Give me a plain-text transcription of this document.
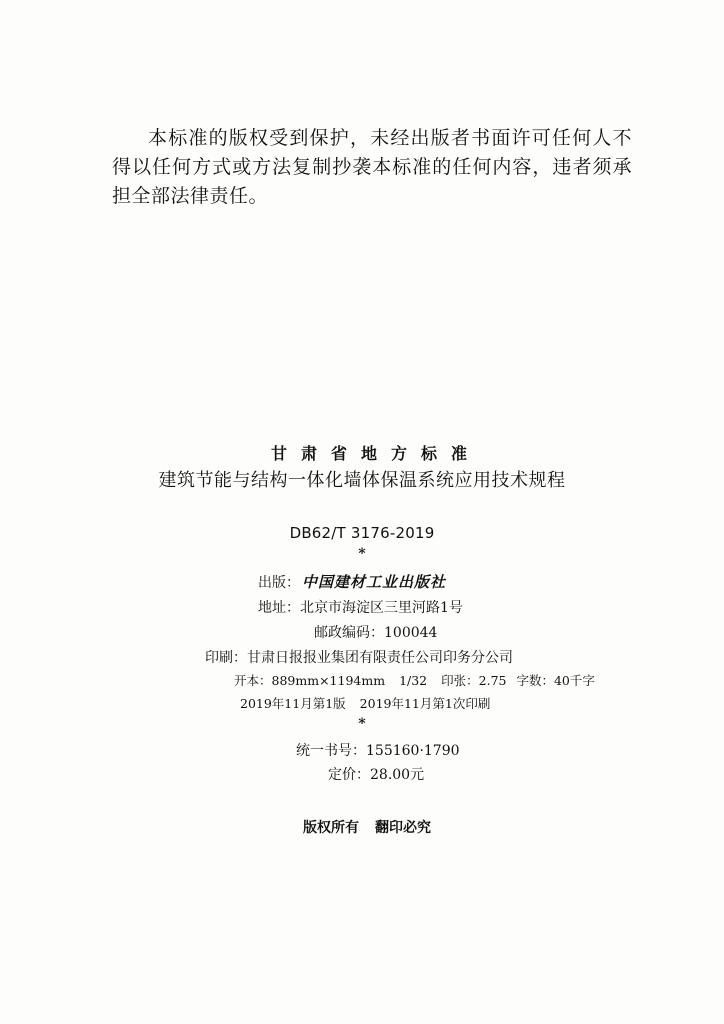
本标准的版权受到保护，未经出版者书面许可任何人不得以任何方式或方法复制抄袭本标准的任何内容，违者须承担全部法律责任。
甘肃省地方标准
建筑节能与结构一体化墙体保温系统应用技术规程
DB62/T 3176-2019
*
出版： 中国建材工业出版社
地址：北京市海淀区三里河路1号
邮政编码：100044
印刷：甘肃日报报业集团有限责任公司印务分公司
开本：889mm×1194mm 1/32 印张：2.75 字数：40千字
2019年11月第1版 2019年11月第1次印刷
*
统一书号：155160·1790
定价：28.00元
版权所有 翻印必究
